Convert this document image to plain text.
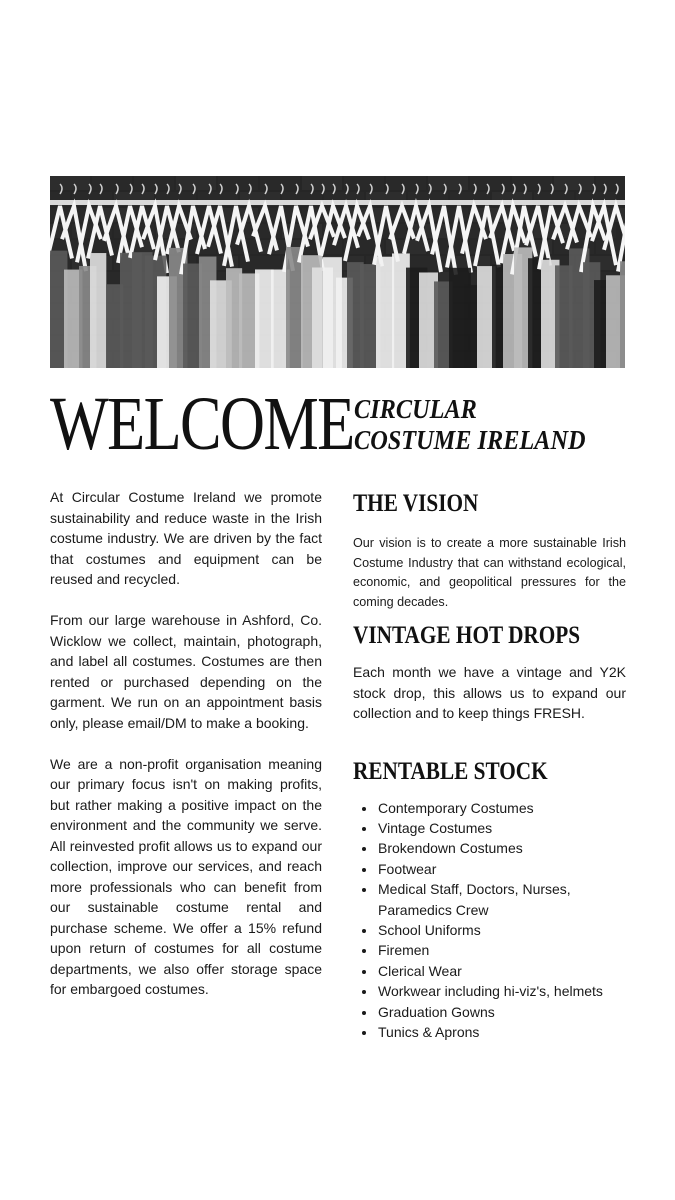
WELCOME CIRCULAR
COSTUME IRELAND

At Circular Costume Ireland we promote sustainability and reduce waste in the Irish costume industry. We are driven by the fact that costumes and equipment can be reused and recycled.

From our large warehouse in Ashford, Co. Wicklow we collect, maintain, photograph, and label all costumes. Costumes are then rented or purchased depending on the garment. We run on an appointment basis only, please email/DM to make a booking.

We are a non-profit organisation meaning our primary focus isn't on making profits, but rather making a positive impact on the environment and the community we serve. All reinvested profit allows us to expand our collection, improve our services, and reach more professionals who can benefit from our sustainable costume rental and purchase scheme. We offer a 15% refund upon return of costumes for all costume departments, we also offer storage space for embargoed costumes.

THE VISION

Our vision is to create a more sustainable Irish Costume Industry that can withstand ecological, economic, and geopolitical pressures for the coming decades.

VINTAGE HOT DROPS

Each month we have a vintage and Y2K stock drop, this allows us to expand our collection and to keep things FRESH.

RENTABLE STOCK
• Contemporary Costumes
• Vintage Costumes
• Brokendown Costumes
• Footwear
• Medical Staff, Doctors, Nurses, Paramedics Crew
• School Uniforms
• Firemen
• Clerical Wear
• Workwear including hi-viz's, helmets
• Graduation Gowns
• Tunics & Aprons
